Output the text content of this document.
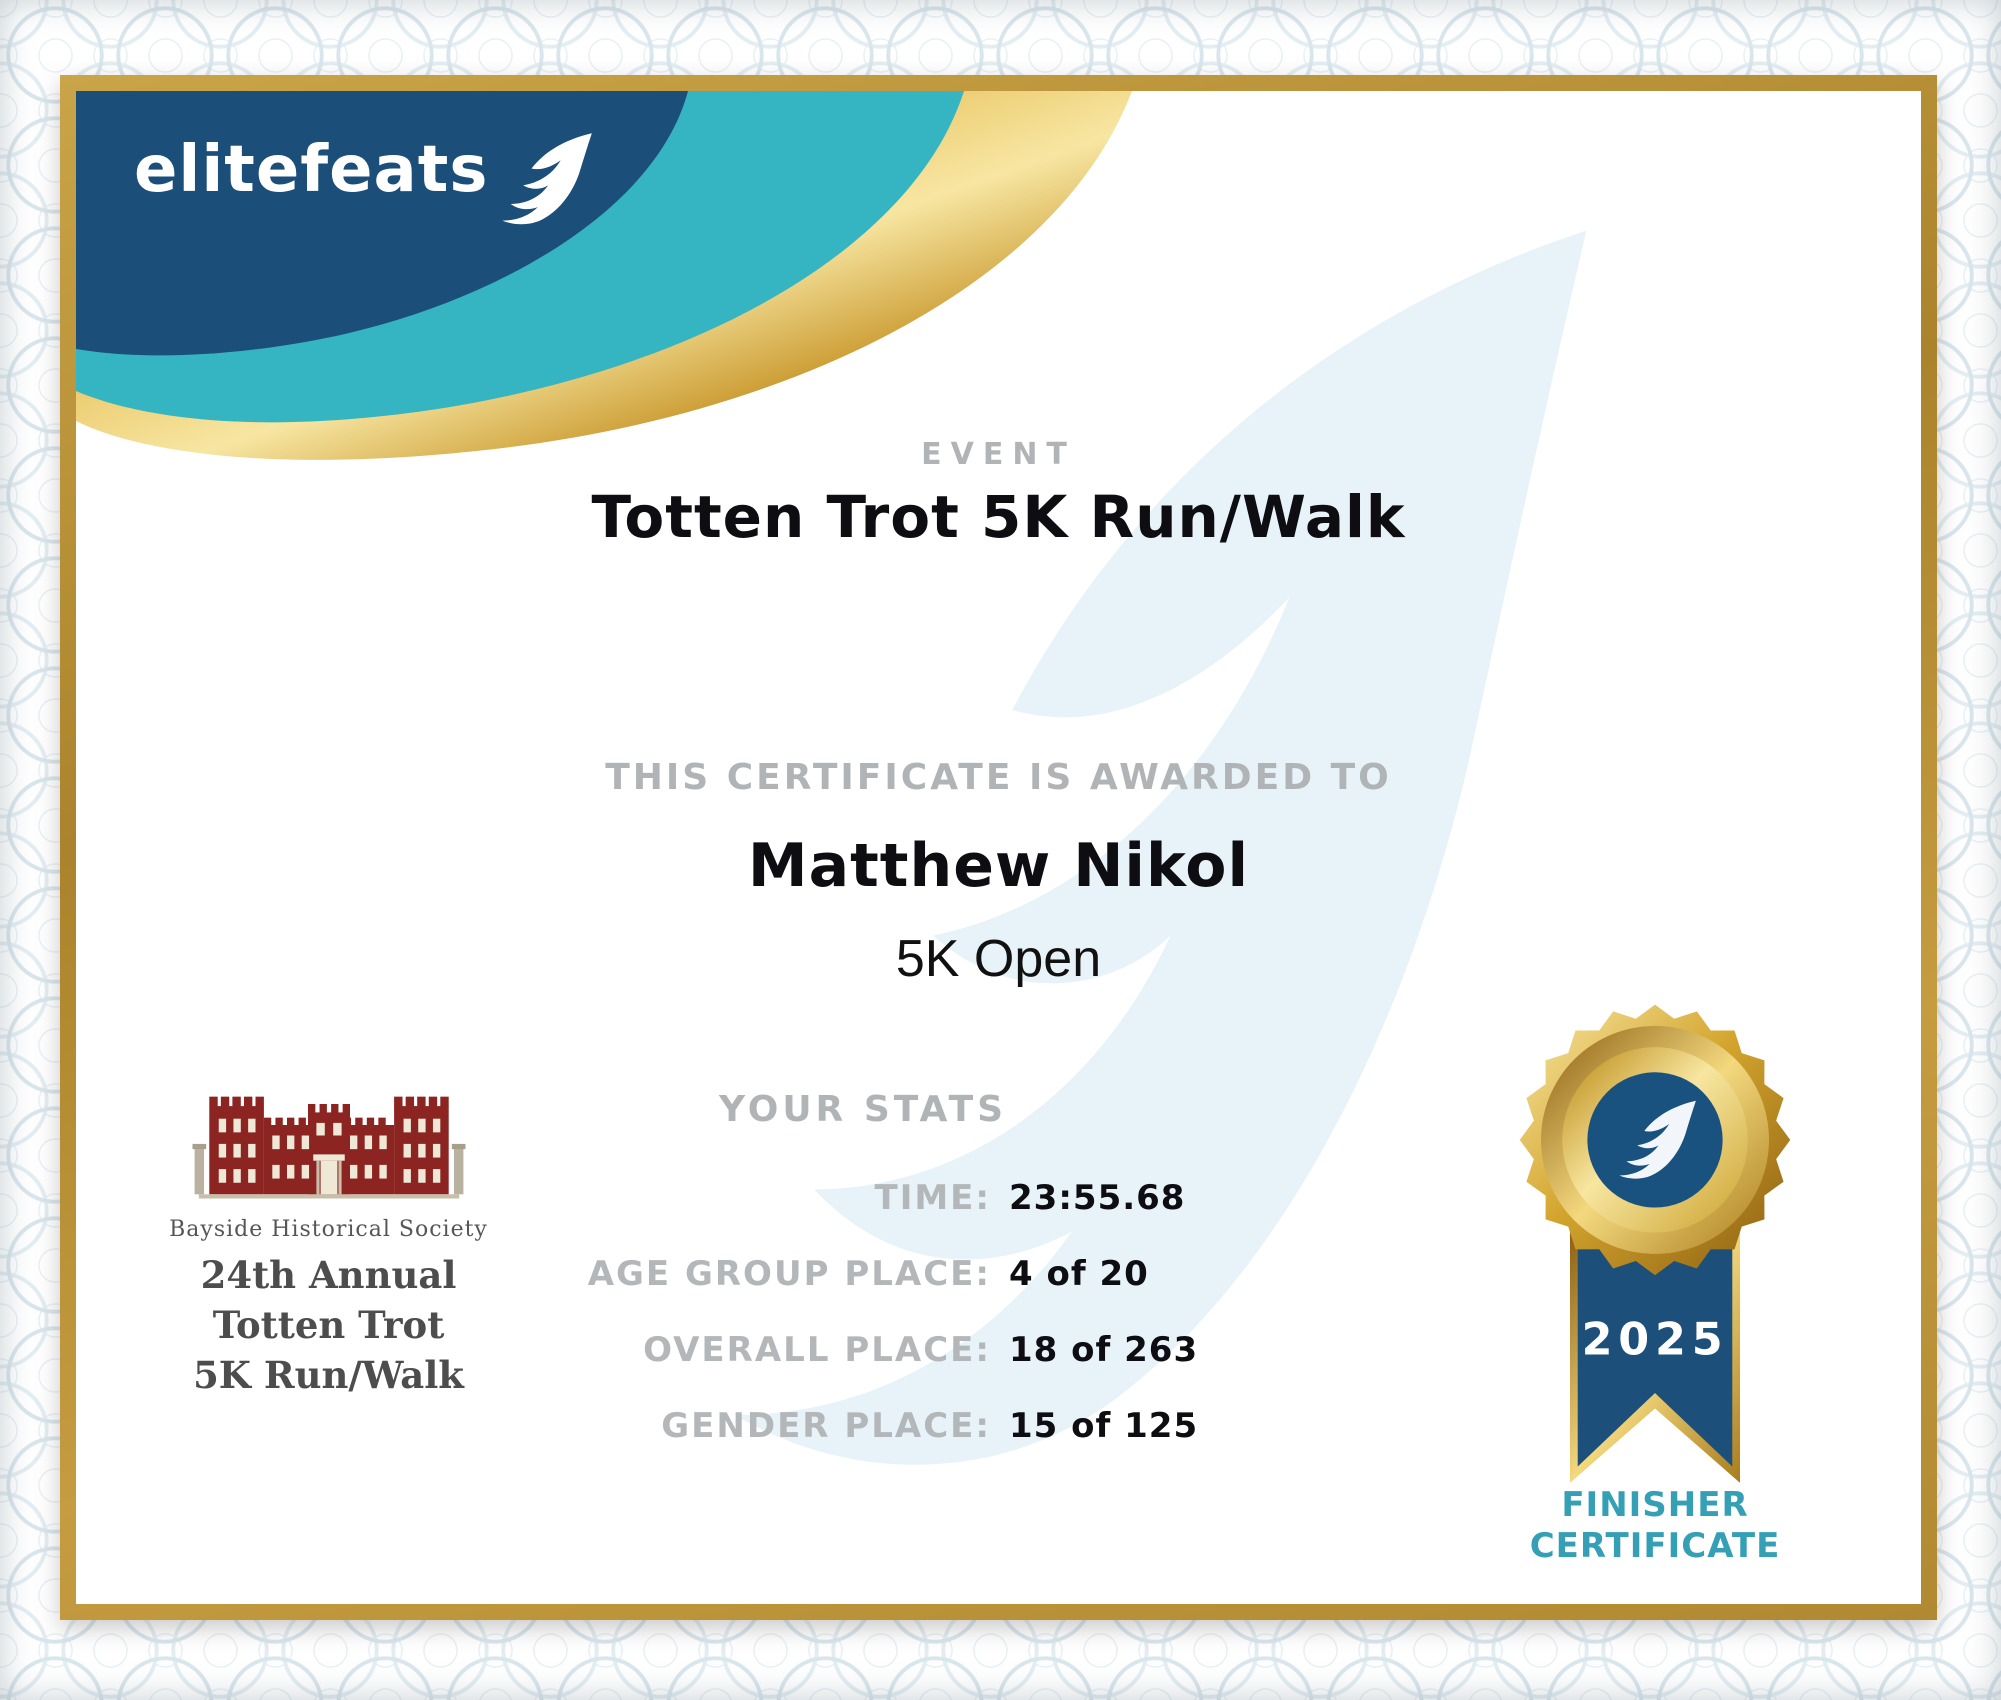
elitefeats
EVENT
Totten Trot 5K Run/Walk
THIS CERTIFICATE IS AWARDED TO
Matthew Nikol
5K Open
YOUR STATS
TIME: 23:55.68
AGE GROUP PLACE: 4 of 20
OVERALL PLACE: 18 of 263
GENDER PLACE: 15 of 125
Bayside Historical Society
24th Annual
Totten Trot
5K Run/Walk
2025
FINISHER
CERTIFICATE
